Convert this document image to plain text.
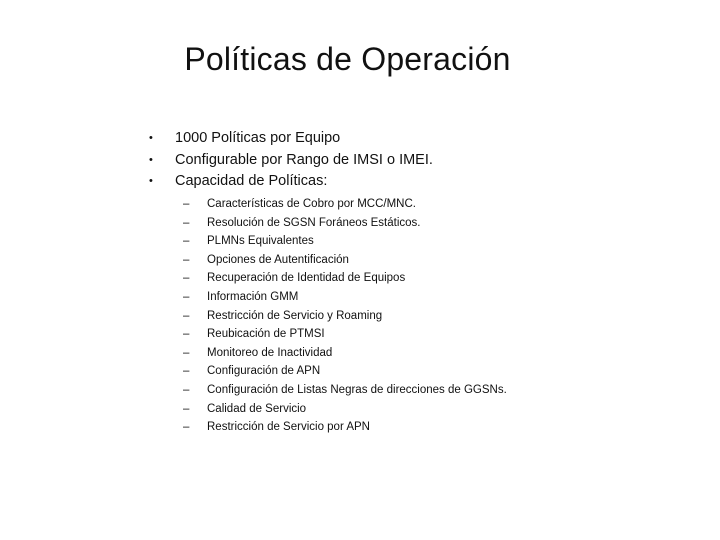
Políticas de Operación
•	1000 Políticas por Equipo
•	Configurable por Rango de IMSI o IMEI.
•	Capacidad de Políticas:
– Características de Cobro por MCC/MNC.
– Resolución de SGSN Foráneos Estáticos.
– PLMNs Equivalentes
– Opciones de Autentificación
– Recuperación de Identidad de Equipos
– Información GMM
– Restricción de Servicio y Roaming
– Reubicación de PTMSI
– Monitoreo de Inactividad
– Configuración de APN
– Configuración de Listas Negras de direcciones de GGSNs.
– Calidad de Servicio
– Restricción de Servicio por APN
